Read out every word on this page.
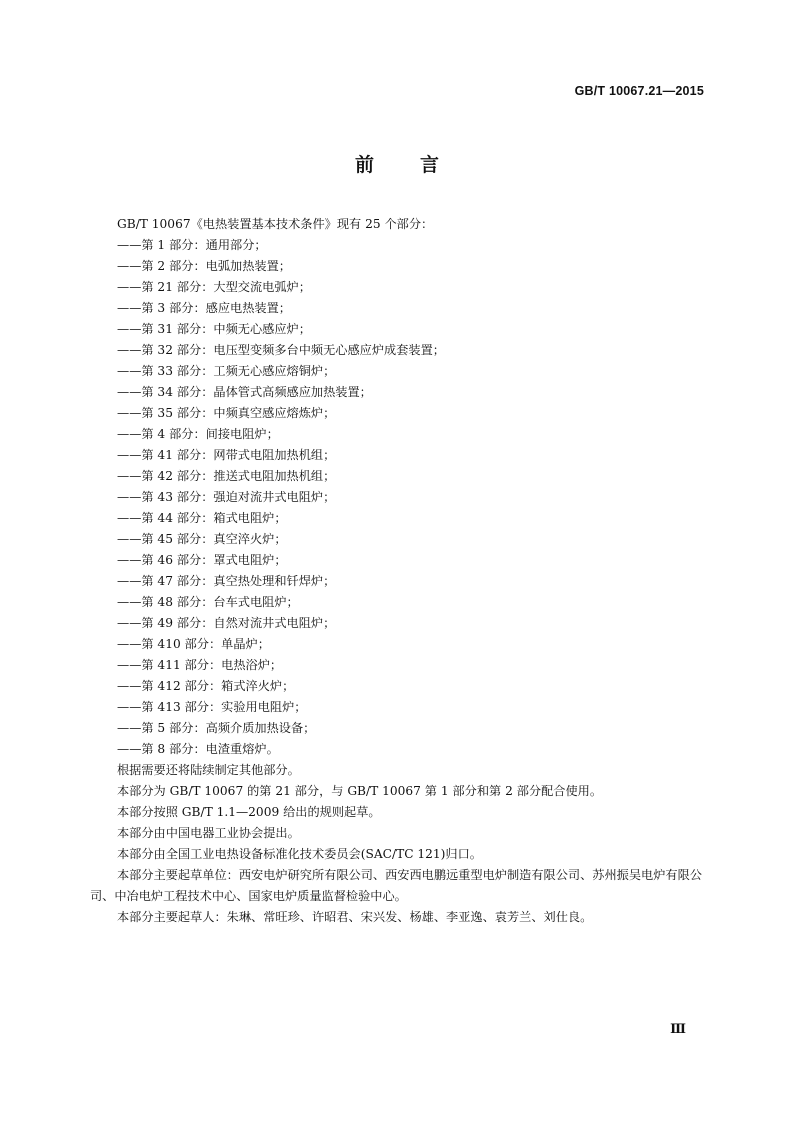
GB/T 10067.21—2015
前言
GB/T 10067《电热装置基本技术条件》现有 25 个部分：
——第 1 部分：通用部分；
——第 2 部分：电弧加热装置；
——第 21 部分：大型交流电弧炉；
——第 3 部分：感应电热装置；
——第 31 部分：中频无心感应炉；
——第 32 部分：电压型变频多台中频无心感应炉成套装置；
——第 33 部分：工频无心感应熔铜炉；
——第 34 部分：晶体管式高频感应加热装置；
——第 35 部分：中频真空感应熔炼炉；
——第 4 部分：间接电阻炉；
——第 41 部分：网带式电阻加热机组；
——第 42 部分：推送式电阻加热机组；
——第 43 部分：强迫对流井式电阻炉；
——第 44 部分：箱式电阻炉；
——第 45 部分：真空淬火炉；
——第 46 部分：罩式电阻炉；
——第 47 部分：真空热处理和钎焊炉；
——第 48 部分：台车式电阻炉；
——第 49 部分：自然对流井式电阻炉；
——第 410 部分：单晶炉；
——第 411 部分：电热浴炉；
——第 412 部分：箱式淬火炉；
——第 413 部分：实验用电阻炉；
——第 5 部分：高频介质加热设备；
——第 8 部分：电渣重熔炉。
根据需要还将陆续制定其他部分。
本部分为 GB/T 10067 的第 21 部分，与 GB/T 10067 第 1 部分和第 2 部分配合使用。
本部分按照 GB/T 1.1—2009 给出的规则起草。
本部分由中国电器工业协会提出。
本部分由全国工业电热设备标准化技术委员会(SAC/TC 121)归口。
本部分主要起草单位：西安电炉研究所有限公司、西安西电鹏远重型电炉制造有限公司、苏州振吴电炉有限公司、中冶电炉工程技术中心、国家电炉质量监督检验中心。
本部分主要起草人：朱琳、常旺珍、许昭君、宋兴发、杨雄、李亚逸、袁芳兰、刘仕良。
Ⅲ
